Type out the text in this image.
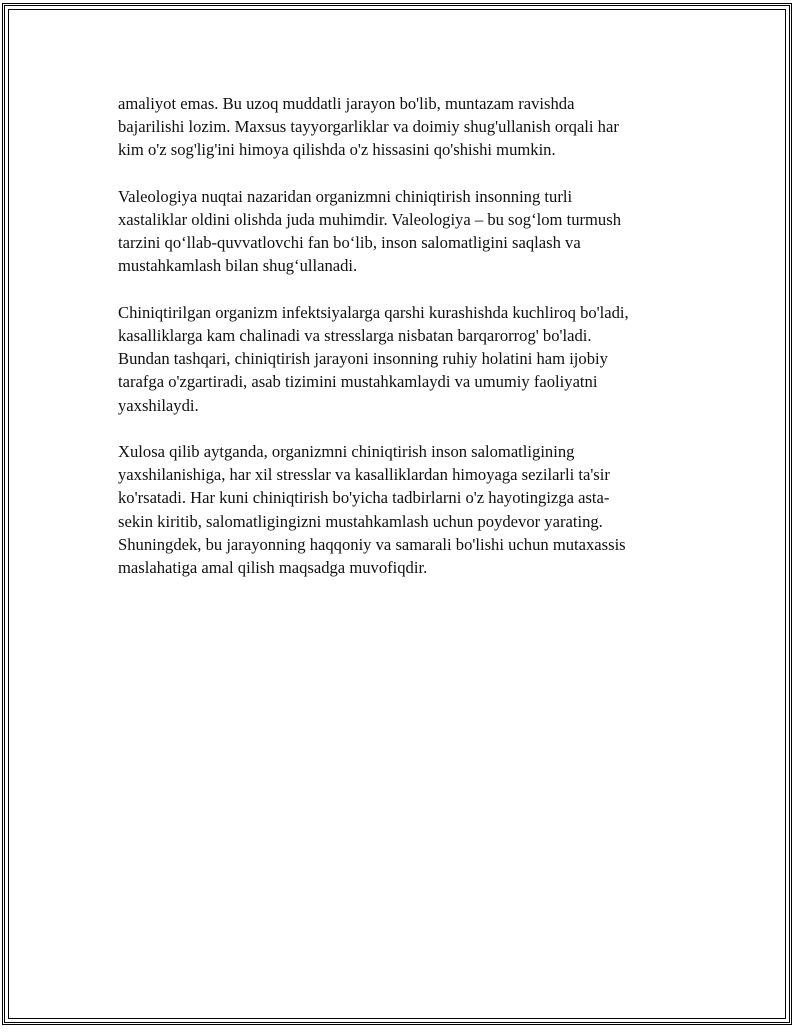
amaliyot emas. Bu uzoq muddatli jarayon bo'lib, muntazam ravishda
bajarilishi lozim. Maxsus tayyorgarliklar va doimiy shug'ullanish orqali har
kim o'z sog'lig'ini himoya qilishda o'z hissasini qo'shishi mumkin.

Valeologiya nuqtai nazaridan organizmni chiniqtirish insonning turli
xastaliklar oldini olishda juda muhimdir. Valeologiya – bu sog‘lom turmush
tarzini qo‘llab-quvvatlovchi fan bo‘lib, inson salomatligini saqlash va
mustahkamlash bilan shug‘ullanadi.

Chiniqtirilgan organizm infektsiyalarga qarshi kurashishda kuchliroq bo'ladi,
kasalliklarga kam chalinadi va stresslarga nisbatan barqarorrog' bo'ladi.
Bundan tashqari, chiniqtirish jarayoni insonning ruhiy holatini ham ijobiy
tarafga o'zgartiradi, asab tizimini mustahkamlaydi va umumiy faoliyatni
yaxshilaydi.

Xulosa qilib aytganda, organizmni chiniqtirish inson salomatligining
yaxshilanishiga, har xil stresslar va kasalliklardan himoyaga sezilarli ta'sir
ko'rsatadi. Har kuni chiniqtirish bo'yicha tadbirlarni o'z hayotingizga asta-
sekin kiritib, salomatligingizni mustahkamlash uchun poydevor yarating.
Shuningdek, bu jarayonning haqqoniy va samarali bo'lishi uchun mutaxassis
maslahatiga amal qilish maqsadga muvofiqdir.
